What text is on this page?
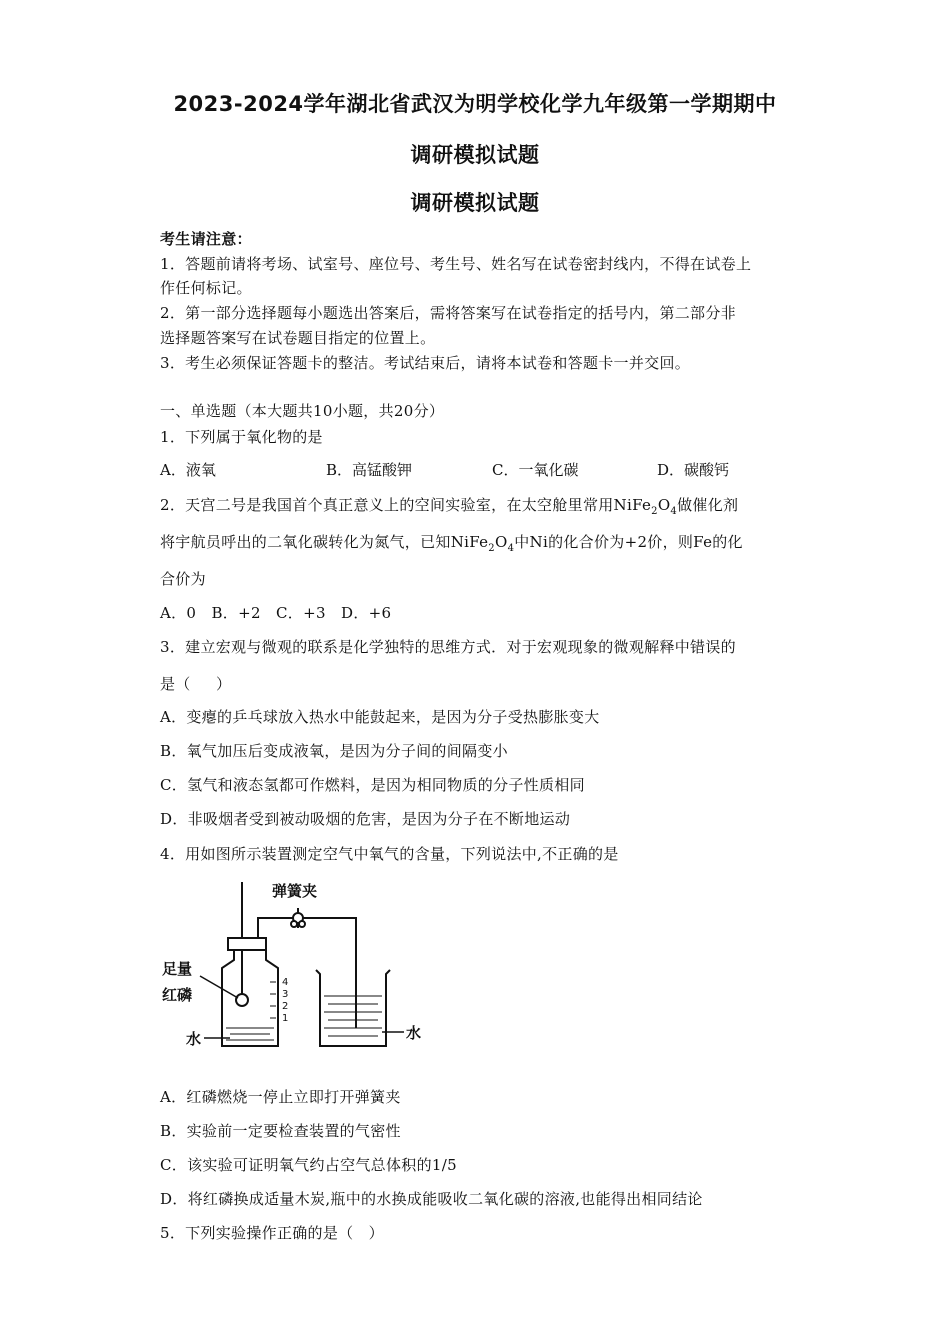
2023-2024学年湖北省武汉为明学校化学九年级第一学期期中
调研模拟试题
调研模拟试题
考生请注意：
1．答题前请将考场、试室号、座位号、考生号、姓名写在试卷密封线内，不得在试卷上
作任何标记。
2．第一部分选择题每小题选出答案后，需将答案写在试卷指定的括号内，第二部分非
选择题答案写在试卷题目指定的位置上。
3．考生必须保证答题卡的整洁。考试结束后，请将本试卷和答题卡一并交回。
一、单选题（本大题共10小题，共20分）
1．下列属于氧化物的是
A．液氧	B．高锰酸钾	C．一氧化碳	D．碳酸钙
2．天宫二号是我国首个真正意义上的空间实验室，在太空舱里常用$NiFe_2O_4$做催化剂
将宇航员呼出的二氧化碳转化为氮气，已知$NiFe_2O_4$中Ni的化合价为+2价，则Fe的化
合价为
A．0   B．+2   C．+3   D．+6
3．建立宏观与微观的联系是化学独特的思维方式．对于宏观现象的微观解释中错误的
是（     ）
A．变瘪的乒乓球放入热水中能鼓起来，是因为分子受热膨胀变大
B．氧气加压后变成液氧，是因为分子间的间隔变小
C．氢气和液态氢都可作燃料，是因为相同物质的分子性质相同
D．非吸烟者受到被动吸烟的危害，是因为分子在不断地运动
4．用如图所示装置测定空气中氧气的含量，下列说法中,不正确的是
4
3
2
1
弹簧夹
足量
红磷
水	水
A．红磷燃烧一停止立即打开弹簧夹
B．实验前一定要检查装置的气密性
C．该实验可证明氧气约占空气总体积的1/5
D．将红磷换成适量木炭,瓶中的水换成能吸收二氧化碳的溶液,也能得出相同结论
5．下列实验操作正确的是（   ）
